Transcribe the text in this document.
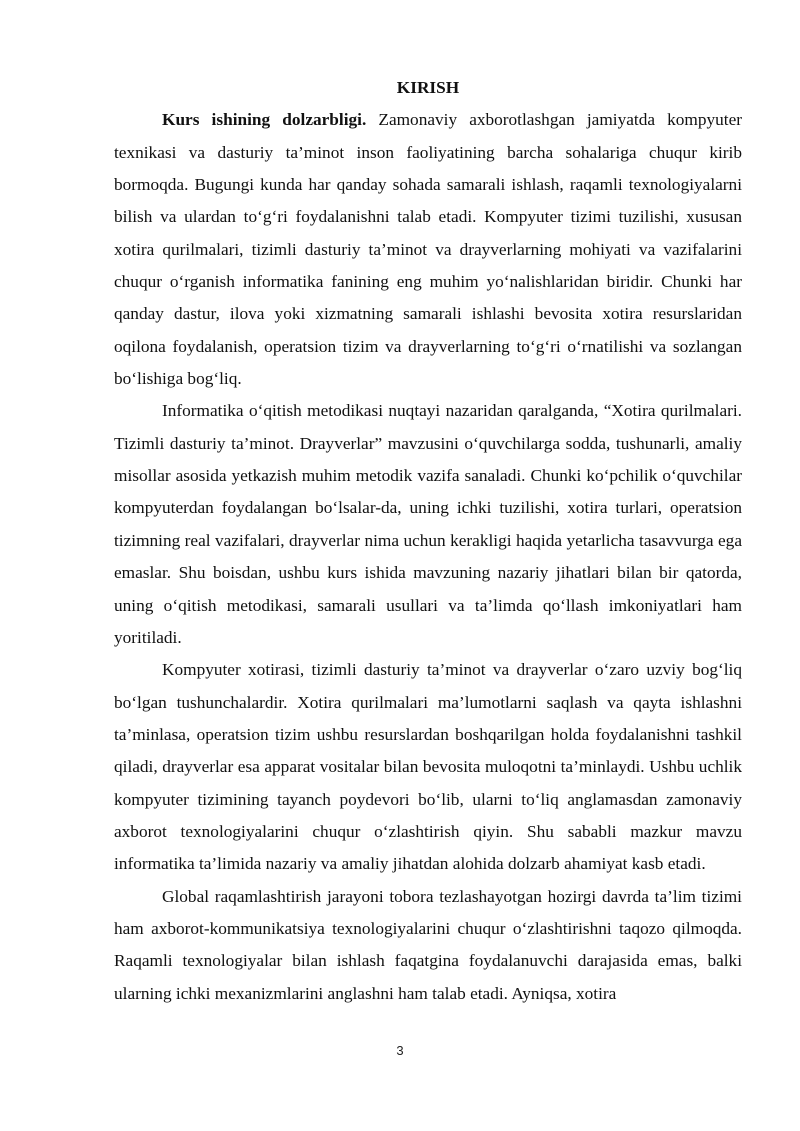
KIRISH

Kurs ishining dolzarbligi. Zamonaviy axborotlashgan jamiyatda kompyuter texnikasi va dasturiy ta’minot inson faoliyatining barcha sohalariga chuqur kirib bormoqda. Bugungi kunda har qanday sohada samarali ishlash, raqamli texnologiyalarni bilish va ulardan to‘g‘ri foydalanishni talab etadi. Kompyuter tizimi tuzilishi, xususan xotira qurilmalari, tizimli dasturiy ta’minot va drayverlarning mohiyati va vazifalarini chuqur o‘rganish informatika fanining eng muhim yo‘nalishlaridan biridir. Chunki har qanday dastur, ilova yoki xizmatning samarali ishlashi bevosita xotira resurslaridan oqilona foydalanish, operatsion tizim va drayverlarning to‘g‘ri o‘rnatilishi va sozlangan bo‘lishiga bog‘liq.

Informatika o‘qitish metodikasi nuqtayi nazaridan qaralganda, “Xotira qurilmalari. Tizimli dasturiy ta’minot. Drayverlar” mavzusini o‘quvchilarga sodda, tushunarli, amaliy misollar asosida yetkazish muhim metodik vazifa sanaladi. Chunki ko‘pchilik o‘quvchilar kompyuterdan foydalangan bo‘lsalar-da, uning ichki tuzilishi, xotira turlari, operatsion tizimning real vazifalari, drayverlar nima uchun kerakligi haqida yetarlicha tasavvurga ega emaslar. Shu boisdan, ushbu kurs ishida mavzuning nazariy jihatlari bilan bir qatorda, uning o‘qitish metodikasi, samarali usullari va ta’limda qo‘llash imkoniyatlari ham yoritiladi.

Kompyuter xotirasi, tizimli dasturiy ta’minot va drayverlar o‘zaro uzviy bog‘liq bo‘lgan tushunchalardir. Xotira qurilmalari ma’lumotlarni saqlash va qayta ishlashni ta’minlasa, operatsion tizim ushbu resurslardan boshqarilgan holda foydalanishni tashkil qiladi, drayverlar esa apparat vositalar bilan bevosita muloqotni ta’minlaydi. Ushbu uchlik kompyuter tizimining tayanch poydevori bo‘lib, ularni to‘liq anglamasdan zamonaviy axborot texnologiyalarini chuqur o‘zlashtirish qiyin. Shu sababli mazkur mavzu informatika ta’limida nazariy va amaliy jihatdan alohida dolzarb ahamiyat kasb etadi.

Global raqamlashtirish jarayoni tobora tezlashayotgan hozirgi davrda ta’lim tizimi ham axborot-kommunikatsiya texnologiyalarini chuqur o‘zlashtirishni taqozo qilmoqda. Raqamli texnologiyalar bilan ishlash faqatgina foydalanuvchi darajasida emas, balki ularning ichki mexanizmlarini anglashni ham talab etadi. Ayniqsa, xotira

3
